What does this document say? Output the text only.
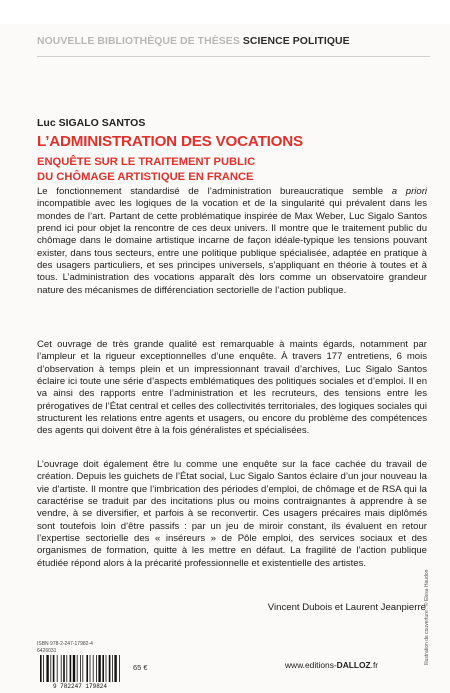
NOUVELLE BIBLIOTHÈQUE DE THÈSES SCIENCE POLITIQUE
Luc SIGALO SANTOS
L’ADMINISTRATION DES VOCATIONS
ENQUÊTE SUR LE TRAITEMENT PUBLIC
DU CHÔMAGE ARTISTIQUE EN FRANCE

Le fonctionnement standardisé de l’administration bureaucratique semble a priori incompatible avec les logiques de la vocation et de la singularité qui prévalent dans les mondes de l’art. Partant de cette problématique inspirée de Max Weber, Luc Sigalo Santos prend ici pour objet la rencontre de ces deux univers. Il montre que le traitement public du chômage dans le domaine artistique incarne de façon idéale-typique les tensions pouvant exister, dans tous secteurs, entre une politique publique spécialisée, adaptée en pratique à des usagers particuliers, et ses principes universels, s’appliquant en théorie à toutes et à tous. L’administration des vocations apparaît dès lors comme un observatoire grandeur nature des mécanismes de différenciation sectorielle de l’action publique.

Cet ouvrage de très grande qualité est remarquable à maints égards, notamment par l’ampleur et la rigueur exceptionnelles d’une enquête. À travers 177 entretiens, 6 mois d’observation à temps plein et un impressionnant travail d’archives, Luc Sigalo Santos éclaire ici toute une série d’aspects emblématiques des politiques sociales et d’emploi. Il en va ainsi des rapports entre l’administration et les recruteurs, des tensions entre les prérogatives de l’État central et celles des collectivités territoriales, des logiques sociales qui structurent les relations entre agents et usagers, ou encore du problème des compétences des agents qui doivent être à la fois généralistes et spécialisées.

L’ouvrage doit également être lu comme une enquête sur la face cachée du travail de création. Depuis les guichets de l’État social, Luc Sigalo Santos éclaire d’un jour nouveau la vie d’artiste. Il montre que l’imbrication des périodes d’emploi, de chômage et de RSA qui la caractérise se traduit par des incitations plus ou moins contraignantes à apprendre à se vendre, à se diversifier, et parfois à se reconvertir. Ces usagers précaires mais diplômés sont toutefois loin d’être passifs : par un jeu de miroir constant, ils évaluent en retour l’expertise sectorielle des « inséreurs » de Pôle emploi, des services sociaux et des organismes de formation, quitte à les mettre en défaut. La fragilité de l’action publique étudiée répond alors à la précarité professionnelle et existentielle des artistes.

Vincent Dubois et Laurent Jeanpierre
ISBN 978-2-247-17982-4
6426031
9 782247 179824
65 €	www.editions-DALLOZ.fr	Illustration de couverture : © Elesa Haudon
